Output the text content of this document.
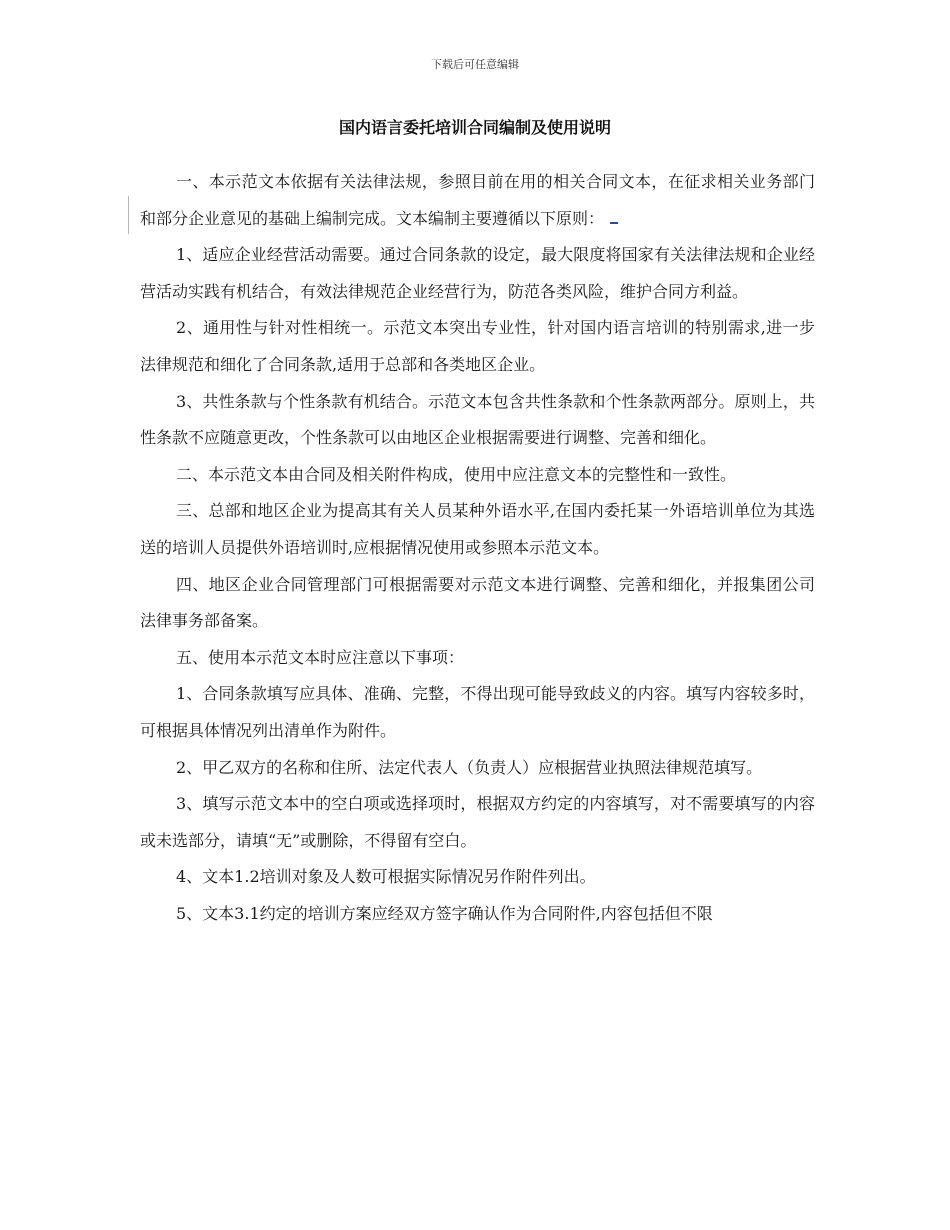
下载后可任意编辑
国内语言委托培训合同编制及使用说明

一、本示范文本依据有关法律法规，参照目前在用的相关合同文本，在征求相关业务部门和部分企业意见的基础上编制完成。文本编制主要遵循以下原则：

1、适应企业经营活动需要。通过合同条款的设定，最大限度将国家有关法律法规和企业经营活动实践有机结合，有效法律规范企业经营行为，防范各类风险，维护合同方利益。

2、通用性与针对性相统一。示范文本突出专业性，针对国内语言培训的特别需求,进一步法律规范和细化了合同条款,适用于总部和各类地区企业。

3、共性条款与个性条款有机结合。示范文本包含共性条款和个性条款两部分。原则上，共性条款不应随意更改，个性条款可以由地区企业根据需要进行调整、完善和细化。

二、本示范文本由合同及相关附件构成，使用中应注意文本的完整性和一致性。

三、总部和地区企业为提高其有关人员某种外语水平,在国内委托某一外语培训单位为其选送的培训人员提供外语培训时,应根据情况使用或参照本示范文本。

四、地区企业合同管理部门可根据需要对示范文本进行调整、完善和细化，并报集团公司法律事务部备案。

五、使用本示范文本时应注意以下事项：

1、合同条款填写应具体、准确、完整，不得出现可能导致歧义的内容。填写内容较多时，可根据具体情况列出清单作为附件。

2、甲乙双方的名称和住所、法定代表人（负责人）应根据营业执照法律规范填写。

3、填写示范文本中的空白项或选择项时，根据双方约定的内容填写，对不需要填写的内容或未选部分，请填“无”或删除，不得留有空白。

4、文本1.2培训对象及人数可根据实际情况另作附件列出。

5、文本3.1约定的培训方案应经双方签字确认作为合同附件,内容包括但不限
